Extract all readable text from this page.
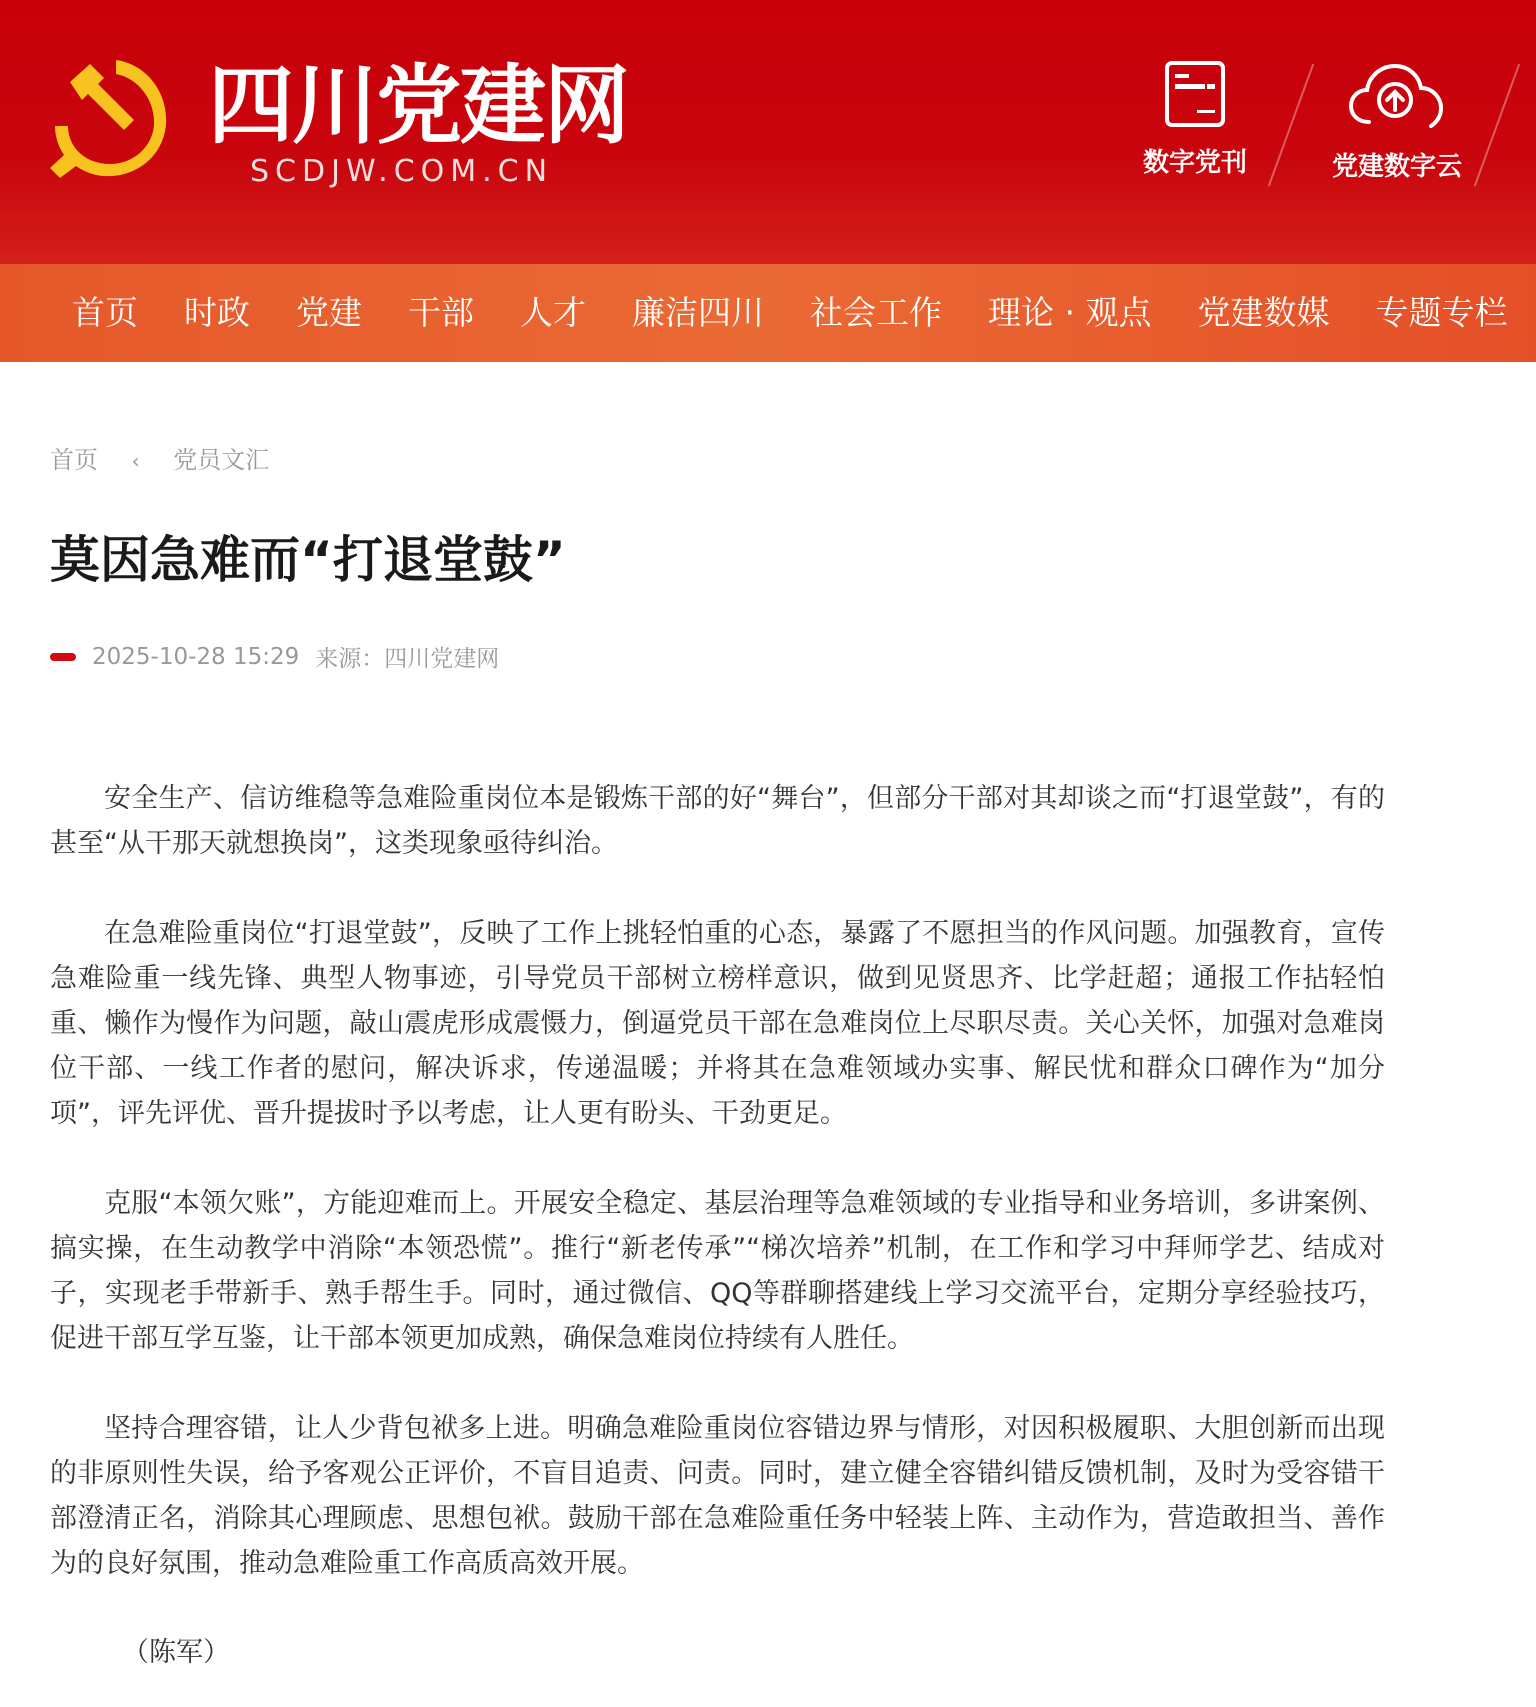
四川党建网
SCDJW.COM.CN	数字党刊	党建数字云
首页 时政 党建 干部 人才 廉洁四川 社会工作 理论 · 观点 党建数媒 专题专栏
首页 ‹ 党员文汇
莫因急难而“打退堂鼓”
2025-10-28 15:29 来源：四川党建网

安全生产、信访维稳等急难险重岗位本是锻炼干部的好“舞台”，但部分干部对其却谈之而“打退堂鼓”，有的甚至“从干那天就想换岗”，这类现象亟待纠治。

在急难险重岗位“打退堂鼓”，反映了工作上挑轻怕重的心态，暴露了不愿担当的作风问题。加强教育，宣传急难险重一线先锋、典型人物事迹，引导党员干部树立榜样意识，做到见贤思齐、比学赶超；通报工作拈轻怕重、懒作为慢作为问题，敲山震虎形成震慑力，倒逼党员干部在急难岗位上尽职尽责。关心关怀，加强对急难岗位干部、一线工作者的慰问，解决诉求，传递温暖；并将其在急难领域办实事、解民忧和群众口碑作为“加分项”，评先评优、晋升提拔时予以考虑，让人更有盼头、干劲更足。

克服“本领欠账”，方能迎难而上。开展安全稳定、基层治理等急难领域的专业指导和业务培训，多讲案例、搞实操，在生动教学中消除“本领恐慌”。推行“新老传承”“梯次培养”机制，在工作和学习中拜师学艺、结成对子，实现老手带新手、熟手帮生手。同时，通过微信、QQ等群聊搭建线上学习交流平台，定期分享经验技巧，促进干部互学互鉴，让干部本领更加成熟，确保急难岗位持续有人胜任。

坚持合理容错，让人少背包袱多上进。明确急难险重岗位容错边界与情形，对因积极履职、大胆创新而出现的非原则性失误，给予客观公正评价，不盲目追责、问责。同时，建立健全容错纠错反馈机制，及时为受容错干部澄清正名，消除其心理顾虑、思想包袱。鼓励干部在急难险重任务中轻装上阵、主动作为，营造敢担当、善作为的良好氛围，推动急难险重工作高质高效开展。

（陈军）
